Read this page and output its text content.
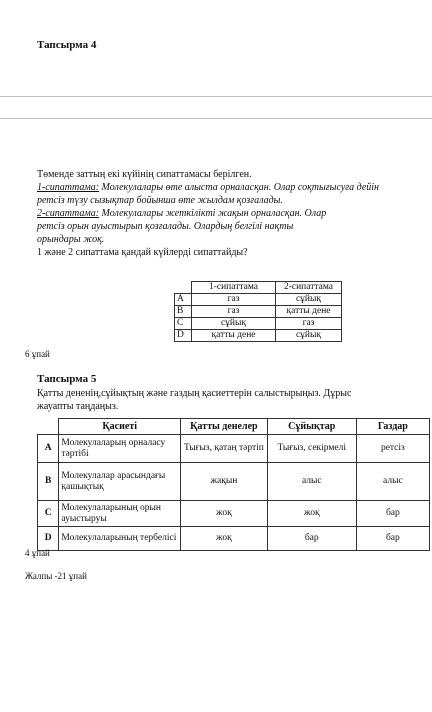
Тапсырма 4
Төменде заттың екі күйінің сипаттамасы берілген.
1-сипаттама: Молекулалары өте алыста орналасқан. Олар соқтығысуға дейін
ретсіз түзу сызықтар бойынша өте жылдам қозғалады.
2-сипаттама: Молекулалары жеткілікті жақын орналасқан. Олар
ретсіз орын ауыстырып қозғалады. Олардың белгілі нақты
орындары жоқ.
1 және 2 сипаттама қандай күйлерді сипаттайды?
	1-сипаттама	2-сипаттама
A	газ	сұйық
B	газ	қатты дене
C	сұйық	газ
D	қатты дене	сұйық
6 ұпай
Тапсырма 5
Қатты дененің,сұйықтың және газдың қасиеттерін салыстырыңыз. Дұрыс
жауапты таңдаңыз.
	Қасиеті	Қатты денелер	Сұйықтар	Газдар
A	Молекулаларың орналасу тәртібі	Тығыз, қатаң тәртіп	Тығыз, секірмелі	ретсіз
B	Молекулалар арасындағы қашықтық	жақын	алыс	алыс
C	Молекулаларының орын ауыстыруы	жоқ	жоқ	бар
D	Молекулаларының тербелісі	жоқ	бар	бар
4 ұпай
Жалпы -21 ұпай
